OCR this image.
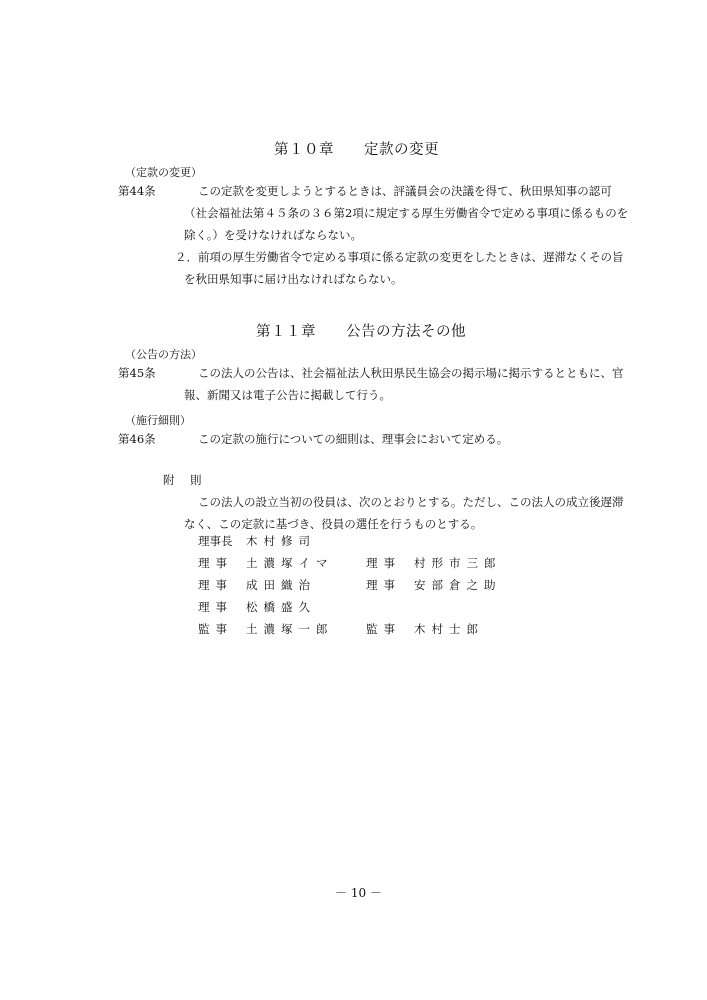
第１０章　　定款の変更
（定款の変更）
第44条	この定款を変更しようとするときは、評議員会の決議を得て、秋田県知事の認可
（社会福祉法第４５条の３６第2項に規定する厚生労働省令で定める事項に係るものを
除く。）を受けなければならない。
２．前項の厚生労働省令で定める事項に係る定款の変更をしたときは、遅滞なくその旨
を秋田県知事に届け出なければならない。
第１１章　　公告の方法その他
（公告の方法）
第45条	この法人の公告は、社会福祉法人秋田県民生協会の掲示場に掲示するとともに、官
報、新聞又は電子公告に掲載して行う。
（施行細則）
第46条	この定款の施行についての細則は、理事会において定める。
附　則
この法人の設立当初の役員は、次のとおりとする。ただし、この法人の成立後遅滞
なく、この定款に基づき、役員の選任を行うものとする。
理事長	木村修司
理事	土濃塚イマ	理事	村形市三郎
理事	成田織治	理事	安部倉之助
理事	松橋盛久
監事	土濃塚一郎	監事	木村士郎
－ 10 －
